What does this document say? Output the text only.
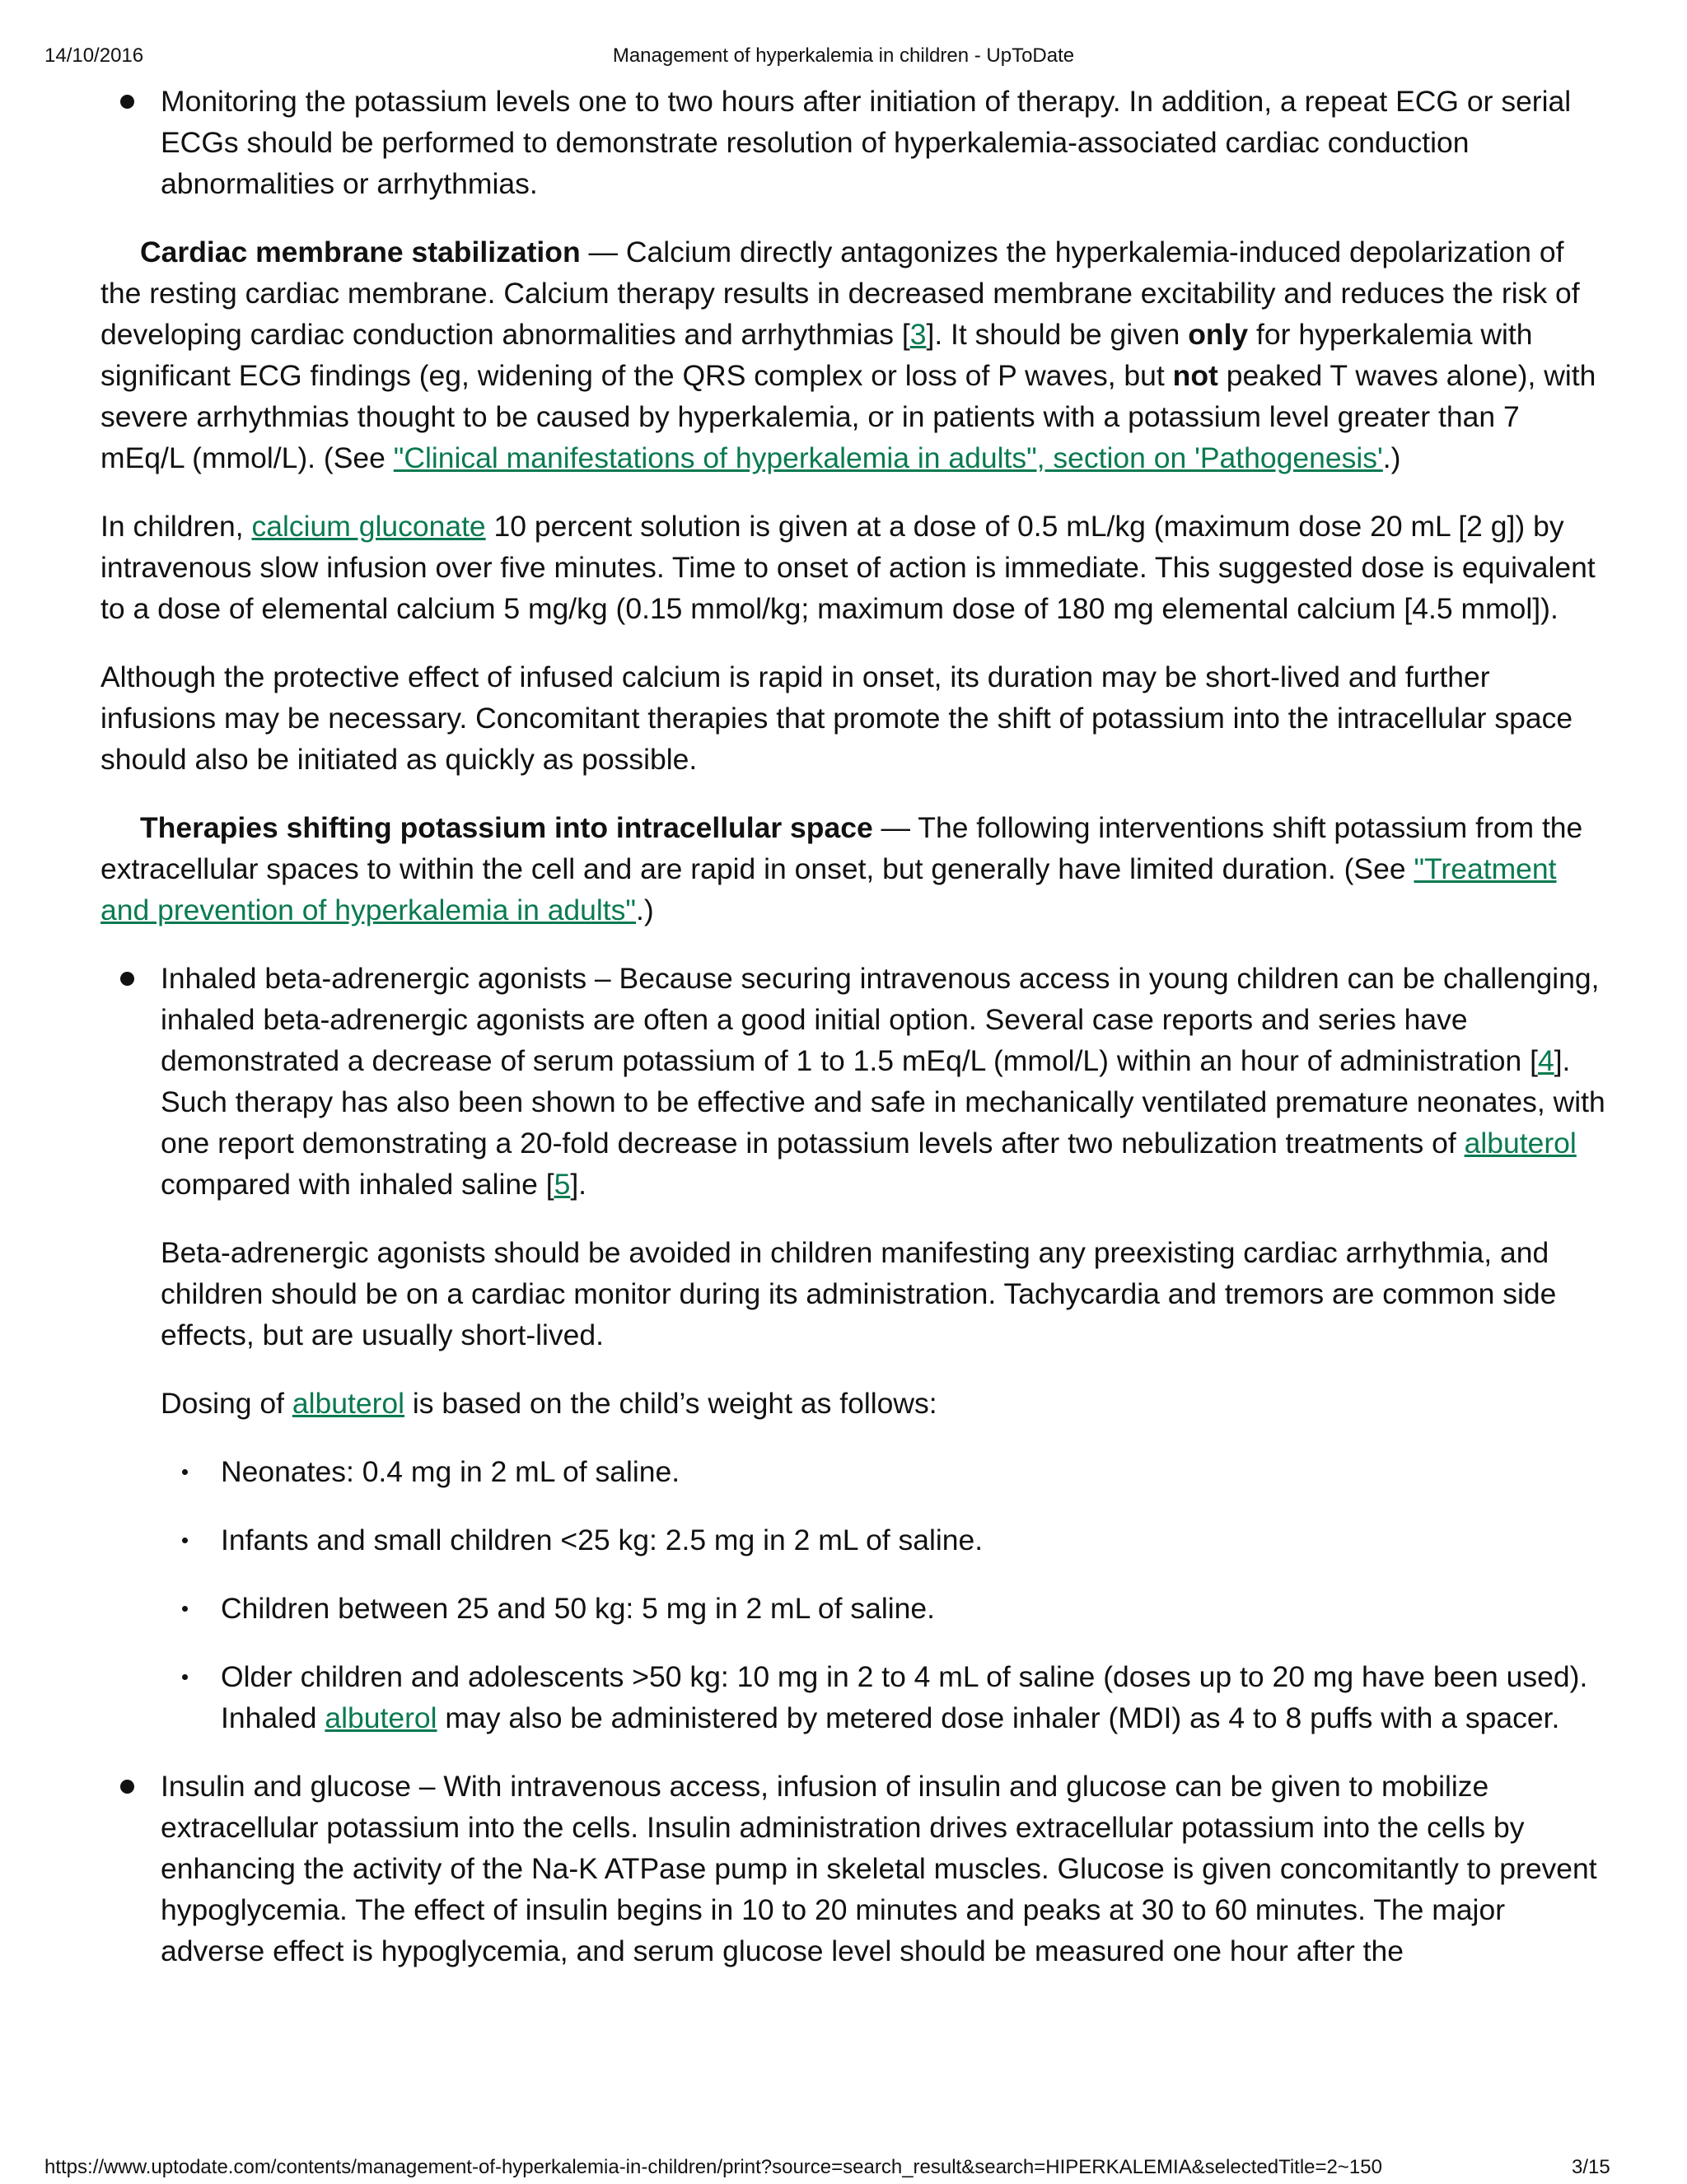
14/10/2016	Management of hyperkalemia in children - UpToDate
Monitoring the potassium levels one to two hours after initiation of therapy. In addition, a repeat ECG or serial ECGs should be performed to demonstrate resolution of hyperkalemia-associated cardiac conduction abnormalities or arrhythmias.

Cardiac membrane stabilization — Calcium directly antagonizes the hyperkalemia-induced depolarization of the resting cardiac membrane. Calcium therapy results in decreased membrane excitability and reduces the risk of developing cardiac conduction abnormalities and arrhythmias [3]. It should be given only for hyperkalemia with significant ECG findings (eg, widening of the QRS complex or loss of P waves, but not peaked T waves alone), with severe arrhythmias thought to be caused by hyperkalemia, or in patients with a potassium level greater than 7 mEq/L (mmol/L). (See "Clinical manifestations of hyperkalemia in adults", section on 'Pathogenesis'.)

In children, calcium gluconate 10 percent solution is given at a dose of 0.5 mL/kg (maximum dose 20 mL [2 g]) by intravenous slow infusion over five minutes. Time to onset of action is immediate. This suggested dose is equivalent to a dose of elemental calcium 5 mg/kg (0.15 mmol/kg; maximum dose of 180 mg elemental calcium [4.5 mmol]).

Although the protective effect of infused calcium is rapid in onset, its duration may be short-lived and further infusions may be necessary. Concomitant therapies that promote the shift of potassium into the intracellular space should also be initiated as quickly as possible.

Therapies shifting potassium into intracellular space — The following interventions shift potassium from the extracellular spaces to within the cell and are rapid in onset, but generally have limited duration. (See "Treatment and prevention of hyperkalemia in adults".)

Inhaled beta-adrenergic agonists – Because securing intravenous access in young children can be challenging, inhaled beta-adrenergic agonists are often a good initial option. Several case reports and series have demonstrated a decrease of serum potassium of 1 to 1.5 mEq/L (mmol/L) within an hour of administration [4]. Such therapy has also been shown to be effective and safe in mechanically ventilated premature neonates, with one report demonstrating a 20-fold decrease in potassium levels after two nebulization treatments of albuterol compared with inhaled saline [5].
Beta-adrenergic agonists should be avoided in children manifesting any preexisting cardiac arrhythmia, and children should be on a cardiac monitor during its administration. Tachycardia and tremors are common side effects, but are usually short-lived.
Dosing of albuterol is based on the child’s weight as follows:
Neonates: 0.4 mg in 2 mL of saline.
Infants and small children <25 kg: 2.5 mg in 2 mL of saline.
Children between 25 and 50 kg: 5 mg in 2 mL of saline.
Older children and adolescents >50 kg: 10 mg in 2 to 4 mL of saline (doses up to 20 mg have been used). Inhaled albuterol may also be administered by metered dose inhaler (MDI) as 4 to 8 puffs with a spacer.
Insulin and glucose – With intravenous access, infusion of insulin and glucose can be given to mobilize extracellular potassium into the cells. Insulin administration drives extracellular potassium into the cells by enhancing the activity of the Na-K ATPase pump in skeletal muscles. Glucose is given concomitantly to prevent hypoglycemia. The effect of insulin begins in 10 to 20 minutes and peaks at 30 to 60 minutes. The major adverse effect is hypoglycemia, and serum glucose level should be measured one hour after the
https://www.uptodate.com/contents/management-of-hyperkalemia-in-children/print?source=search_result&search=HIPERKALEMIA&selectedTitle=2~150	3/15
